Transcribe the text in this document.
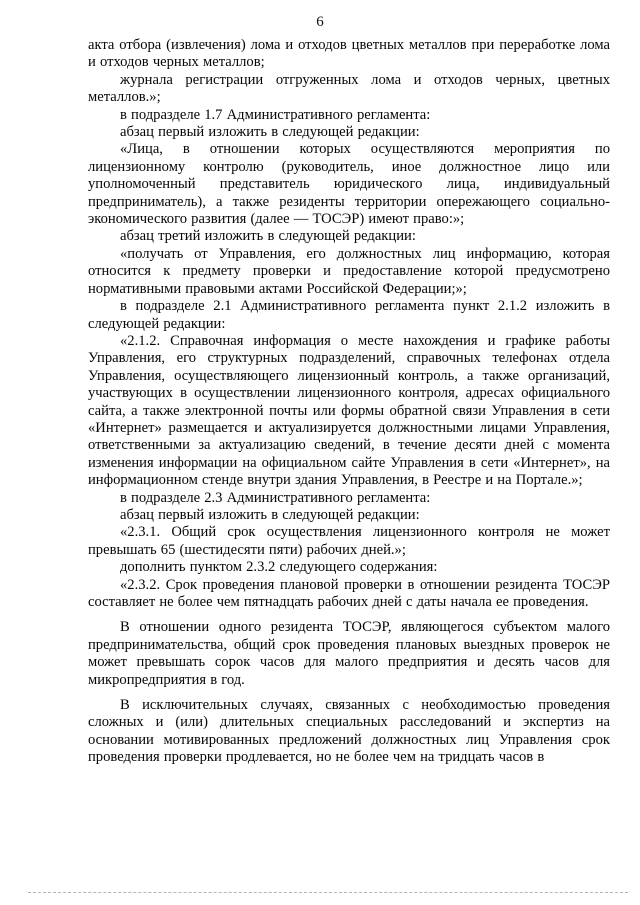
6

акта отбора (извлечения) лома и отходов цветных металлов при переработке лома и отходов черных металлов;

журнала регистрации отгруженных лома и отходов черных, цветных металлов.»;

в подразделе 1.7 Административного регламента:

абзац первый изложить в следующей редакции:

«Лица, в отношении которых осуществляются мероприятия по лицензионному контролю (руководитель, иное должностное лицо или уполномоченный представитель юридического лица, индивидуальный предприниматель), а также резиденты территории опережающего социально-экономического развития (далее — ТОСЭР) имеют право:»;

абзац третий изложить в следующей редакции:

«получать от Управления, его должностных лиц информацию, которая относится к предмету проверки и предоставление которой предусмотрено нормативными правовыми актами Российской Федерации;»;

в подразделе 2.1 Административного регламента пункт 2.1.2 изложить в следующей редакции:

«2.1.2. Справочная информация о месте нахождения и графике работы Управления, его структурных подразделений, справочных телефонах отдела Управления, осуществляющего лицензионный контроль, а также организаций, участвующих в осуществлении лицензионного контроля, адресах официального сайта, а также электронной почты или формы обратной связи Управления в сети «Интернет» размещается и актуализируется должностными лицами Управления, ответственными за актуализацию сведений, в течение десяти дней с момента изменения информации на официальном сайте Управления в сети «Интернет», на информационном стенде внутри здания Управления, в Реестре и на Портале.»;

в подразделе 2.3 Административного регламента:

абзац первый изложить в следующей редакции:

«2.3.1. Общий срок осуществления лицензионного контроля не может превышать 65 (шестидесяти пяти) рабочих дней.»;

дополнить пунктом 2.3.2 следующего содержания:

«2.3.2. Срок проведения плановой проверки в отношении резидента ТОСЭР составляет не более чем пятнадцать рабочих дней с даты начала ее проведения.

В отношении одного резидента ТОСЭР, являющегося субъектом малого предпринимательства, общий срок проведения плановых выездных проверок не может превышать сорок часов для малого предприятия и десять часов для микропредприятия в год.

В исключительных случаях, связанных с необходимостью проведения сложных и (или) длительных специальных расследований и экспертиз на основании мотивированных предложений должностных лиц Управления срок проведения проверки продлевается, но не более чем на тридцать часов в
